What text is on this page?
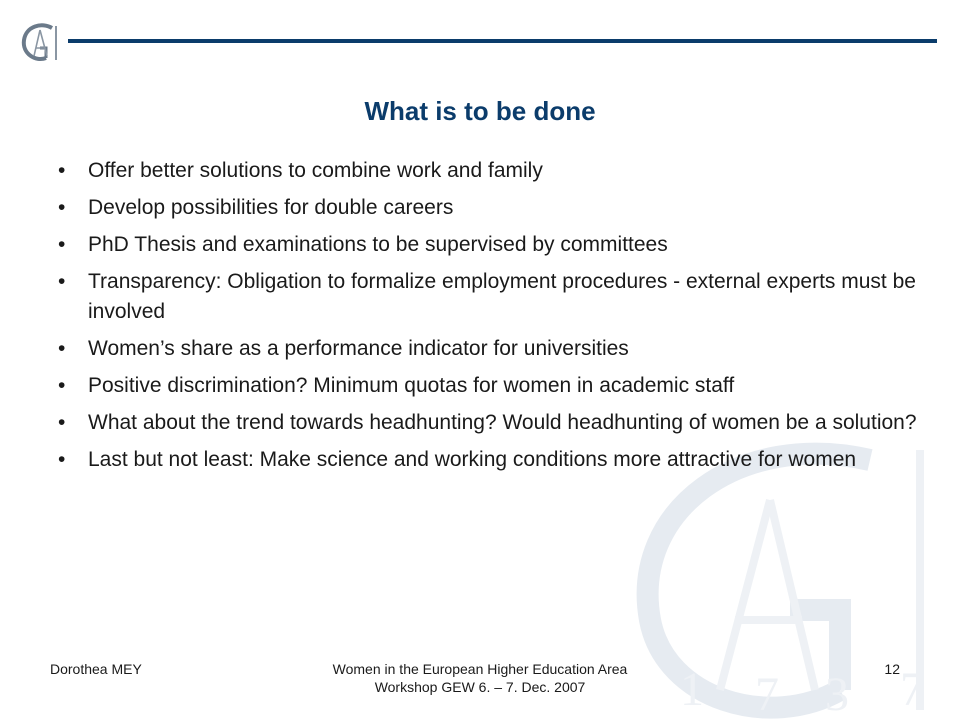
1 7 3 7
What is to be done
•	Offer better solutions to combine work and family
•	Develop possibilities for double careers
•	PhD Thesis and examinations to be supervised by committees
•	Transparency: Obligation to formalize employment procedures - external experts must be involved
•	Women’s share as a performance indicator for universities
•	Positive discrimination? Minimum quotas for women in academic staff
•	What about the trend towards headhunting? Would headhunting of women be a solution?
•	Last but not least: Make science and working conditions more attractive for women
Dorothea MEY	Women in the European Higher Education Area
Workshop GEW 6. – 7. Dec. 2007
12
